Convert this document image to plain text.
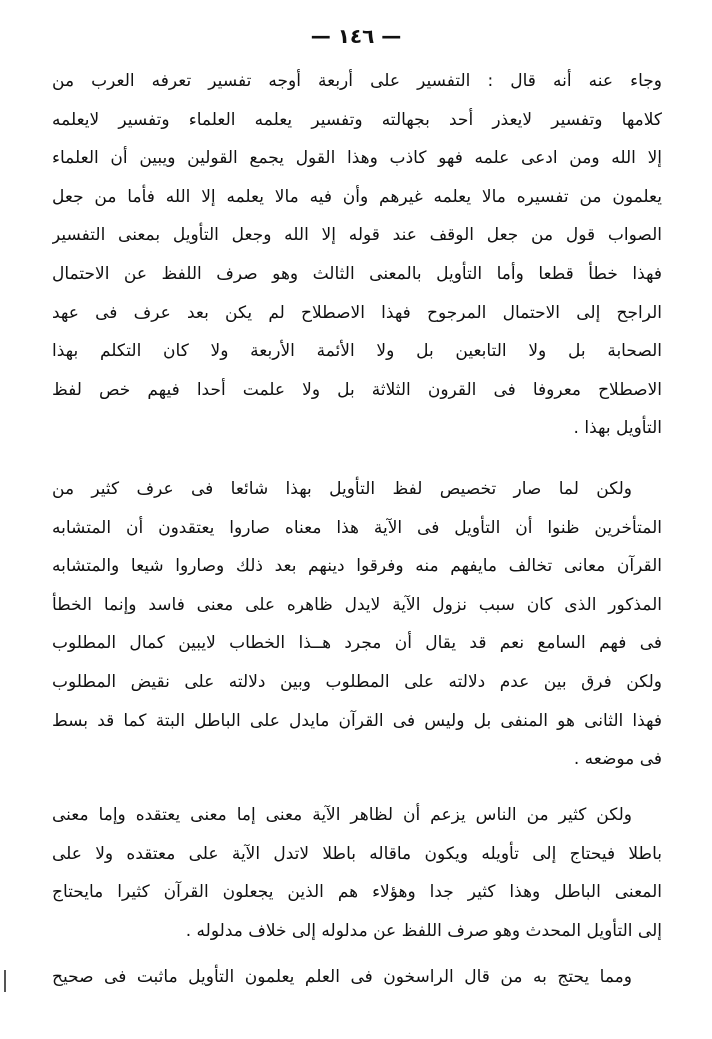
— ١٤٦ —
وجاء عنه أنه قال : التفسير على أربعة أوجه تفسير تعرفه العرب من
كلامها وتفسير لايعذر أحد بجهالته وتفسير يعلمه العلماء وتفسير لايعلمه
إلا الله ومن ادعى علمه فهو كاذب وهذا القول يجمع القولين ويبين أن العلماء
يعلمون من تفسيره مالا يعلمه غيرهم وأن فيه مالا يعلمه إلا الله فأما من جعل
الصواب قول من جعل الوقف عند قوله إلا الله وجعل التأويل بمعنى التفسير
فهذا خطأ قطعا وأما التأويل بالمعنى الثالث وهو صرف اللفظ عن الاحتمال
الراجح إلى الاحتمال المرجوح فهذا الاصطلاح لم يكن بعد عرف فى عهد
الصحابة بل ولا التابعين بل ولا الأئمة الأربعة ولا كان التكلم بهذا
الاصطلاح معروفا فى القرون الثلاثة بل ولا علمت أحدا فيهم خص لفظ
التأويل بهذا .
ولكن لما صار تخصيص لفظ التأويل بهذا شائعا فى عرف كثير من
المتأخرين ظنوا أن التأويل فى الآية هذا معناه صاروا يعتقدون أن المتشابه
القرآن معانى تخالف مايفهم منه وفرقوا دينهم بعد ذلك وصاروا شيعا والمتشابه
المذكور الذى كان سبب نزول الآية لايدل ظاهره على معنى فاسد وإنما الخطأ
فى فهم السامع نعم قد يقال أن مجرد هــذا الخطاب لايبين كمال المطلوب
ولكن فرق بين عدم دلالته على المطلوب وبين دلالته على نقيض المطلوب
فهذا الثانى هو المنفى بل وليس فى القرآن مايدل على الباطل البتة كما قد بسط
فى موضعه .
ولكن كثير من الناس يزعم أن لظاهر الآية معنى إما معنى يعتقده وإما معنى
باطلا فيحتاج إلى تأويله ويكون ماقاله باطلا لاتدل الآية على معتقده ولا على
المعنى الباطل وهذا كثير جدا وهؤلاء هم الذين يجعلون القرآن كثيرا مايحتاج
إلى التأويل المحدث وهو صرف اللفظ عن مدلوله إلى خلاف مدلوله .
ومما يحتج به من قال الراسخون فى العلم يعلمون التأويل ماثبت فى صحيح
